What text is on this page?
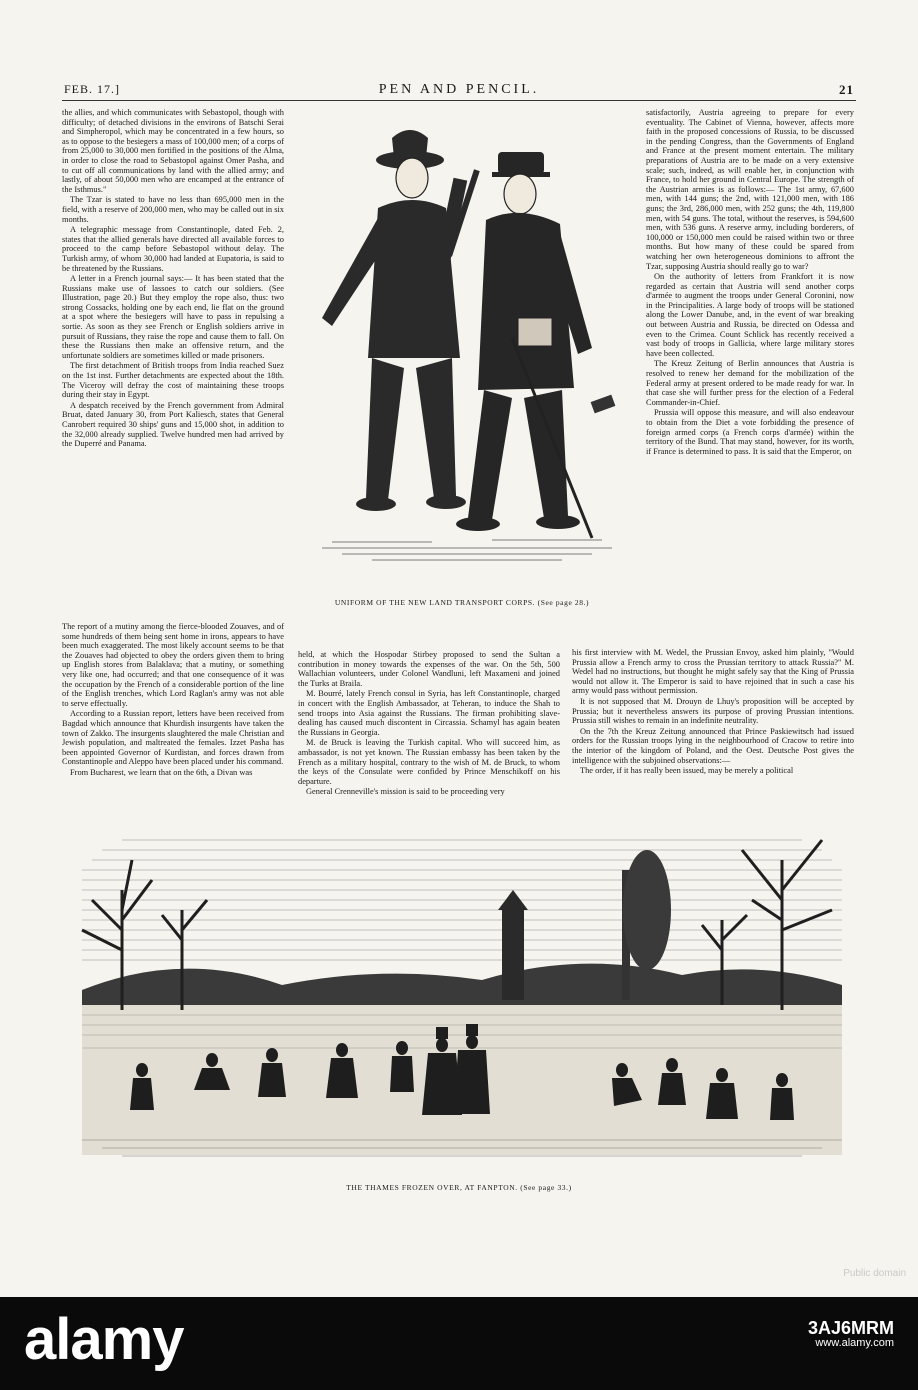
FEB. 17.]	PEN AND PENCIL.	21

the allies, and which communicates with Sebastopol, though with difficulty; of detached divisions in the environs of Batschi Serai and Simpheropol, which may be concentrated in a few hours, so as to oppose to the besiegers a mass of 100,000 men; of a corps of from 25,000 to 30,000 men fortified in the positions of the Alma, in order to close the road to Sebastopol against Omer Pasha, and to cut off all communications by land with the allied army; and lastly, of about 50,000 men who are encamped at the entrance of the Isthmus."

The Tzar is stated to have no less than 695,000 men in the field, with a reserve of 200,000 men, who may be called out in six months.

A telegraphic message from Constantinople, dated Feb. 2, states that the allied generals have directed all available forces to proceed to the camp before Sebastopol without delay. The Turkish army, of whom 30,000 had landed at Eupatoria, is said to be threatened by the Russians.

A letter in a French journal says:— It has been stated that the Russians make use of lassoes to catch our soldiers. (See Illustration, page 20.) But they employ the rope also, thus: two strong Cossacks, holding one by each end, lie flat on the ground at a spot where the besiegers will have to pass in repulsing a sortie. As soon as they see French or English soldiers arrive in pursuit of Russians, they raise the rope and cause them to fall. On these the Russians then make an offensive return, and the unfortunate soldiers are sometimes killed or made prisoners.

The first detachment of British troops from India reached Suez on the 1st inst. Further detachments are expected about the 18th. The Viceroy will defray the cost of maintaining these troops during their stay in Egypt.

A despatch received by the French government from Admiral Bruat, dated January 30, from Port Kaliesch, states that General Canrobert required 30 ships' guns and 15,000 shot, in addition to the 32,000 already supplied. Twelve hundred men had arrived by the Duperré and Panama.

UNIFORM OF THE NEW LAND TRANSPORT CORPS. (See page 28.)

satisfactorily, Austria agreeing to prepare for every eventuality. The Cabinet of Vienna, however, affects more faith in the proposed concessions of Russia, to be discussed in the pending Congress, than the Governments of England and France at the present moment entertain. The military preparations of Austria are to be made on a very extensive scale; such, indeed, as will enable her, in conjunction with France, to hold her ground in Central Europe. The strength of the Austrian armies is as follows:— The 1st army, 67,600 men, with 144 guns; the 2nd, with 121,000 men, with 186 guns; the 3rd, 286,000 men, with 252 guns; the 4th, 119,800 men, with 54 guns. The total, without the reserves, is 594,600 men, with 536 guns. A reserve army, including borderers, of 100,000 or 150,000 men could be raised within two or three months. But how many of these could be spared from watching her own heterogeneous dominions to affront the Tzar, supposing Austria should really go to war?

On the authority of letters from Frankfort it is now regarded as certain that Austria will send another corps d'armée to augment the troops under General Coronini, now in the Principalities. A large body of troops will be stationed along the Lower Danube, and, in the event of war breaking out between Austria and Russia, be directed on Odessa and even to the Crimea. Count Schlick has recently received a vast body of troops in Gallicia, where large military stores have been collected.

The Kreuz Zeitung of Berlin announces that Austria is resolved to renew her demand for the mobilization of the Federal army at present ordered to be made ready for war. In that case she will further press for the election of a Federal Commander-in-Chief.

Prussia will oppose this measure, and will also endeavour to obtain from the Diet a vote forbidding the presence of foreign armed corps (a French corps d'armée) within the territory of the Bund. That may stand, however, for its worth, if France is determined to pass. It is said that the Emperor, on

The report of a mutiny among the fierce-blooded Zouaves, and of some hundreds of them being sent home in irons, appears to have been much exaggerated. The most likely account seems to be that the Zouaves had objected to obey the orders given them to bring up English stores from Balaklava; that a mutiny, or something very like one, had occurred; and that one consequence of it was the occupation by the French of a considerable portion of the line of the English trenches, which Lord Raglan's army was not able to serve effectually.

According to a Russian report, letters have been received from Bagdad which announce that Khurdish insurgents have taken the town of Zakko. The insurgents slaughtered the male Christian and Jewish population, and maltreated the females. Izzet Pasha has been appointed Governor of Kurdistan, and forces drawn from Constantinople and Aleppo have been placed under his command.

From Bucharest, we learn that on the 6th, a Divan was

held, at which the Hospodar Stirbey proposed to send the Sultan a contribution in money towards the expenses of the war. On the 5th, 500 Wallachian volunteers, under Colonel Wandluni, left Maxameni and joined the Turks at Braila.

M. Bourré, lately French consul in Syria, has left Constantinople, charged in concert with the English Ambassador, at Teheran, to induce the Shah to send troops into Asia against the Russians. The firman prohibiting slave-dealing has caused much discontent in Circassia. Schamyl has again beaten the Russians in Georgia.

M. de Bruck is leaving the Turkish capital. Who will succeed him, as ambassador, is not yet known. The Russian embassy has been taken by the French as a military hospital, contrary to the wish of M. de Bruck, to whom the keys of the Consulate were confided by Prince Menschikoff on his departure.

General Crenneville's mission is said to be proceeding very

his first interview with M. Wedel, the Prussian Envoy, asked him plainly, "Would Prussia allow a French army to cross the Prussian territory to attack Russia?" M. Wedel had no instructions, but thought he might safely say that the King of Prussia would not allow it. The Emperor is said to have rejoined that in such a case his army would pass without permission.

It is not supposed that M. Drouyn de Lhuy's proposition will be accepted by Prussia; but it nevertheless answers its purpose of proving Prussian intentions. Prussia still wishes to remain in an indefinite neutrality.

On the 7th the Kreuz Zeitung announced that Prince Paskiewitsch had issued orders for the Russian troops lying in the neighbourhood of Cracow to retire into the interior of the kingdom of Poland, and the Oest. Deutsche Post gives the intelligence with the subjoined observations:—

The order, if it has really been issued, may be merely a political

THE THAMES FROZEN OVER, AT FANPTON. (See page 33.)
Public domain
alamy	3AJ6MRM
www.alamy.com
